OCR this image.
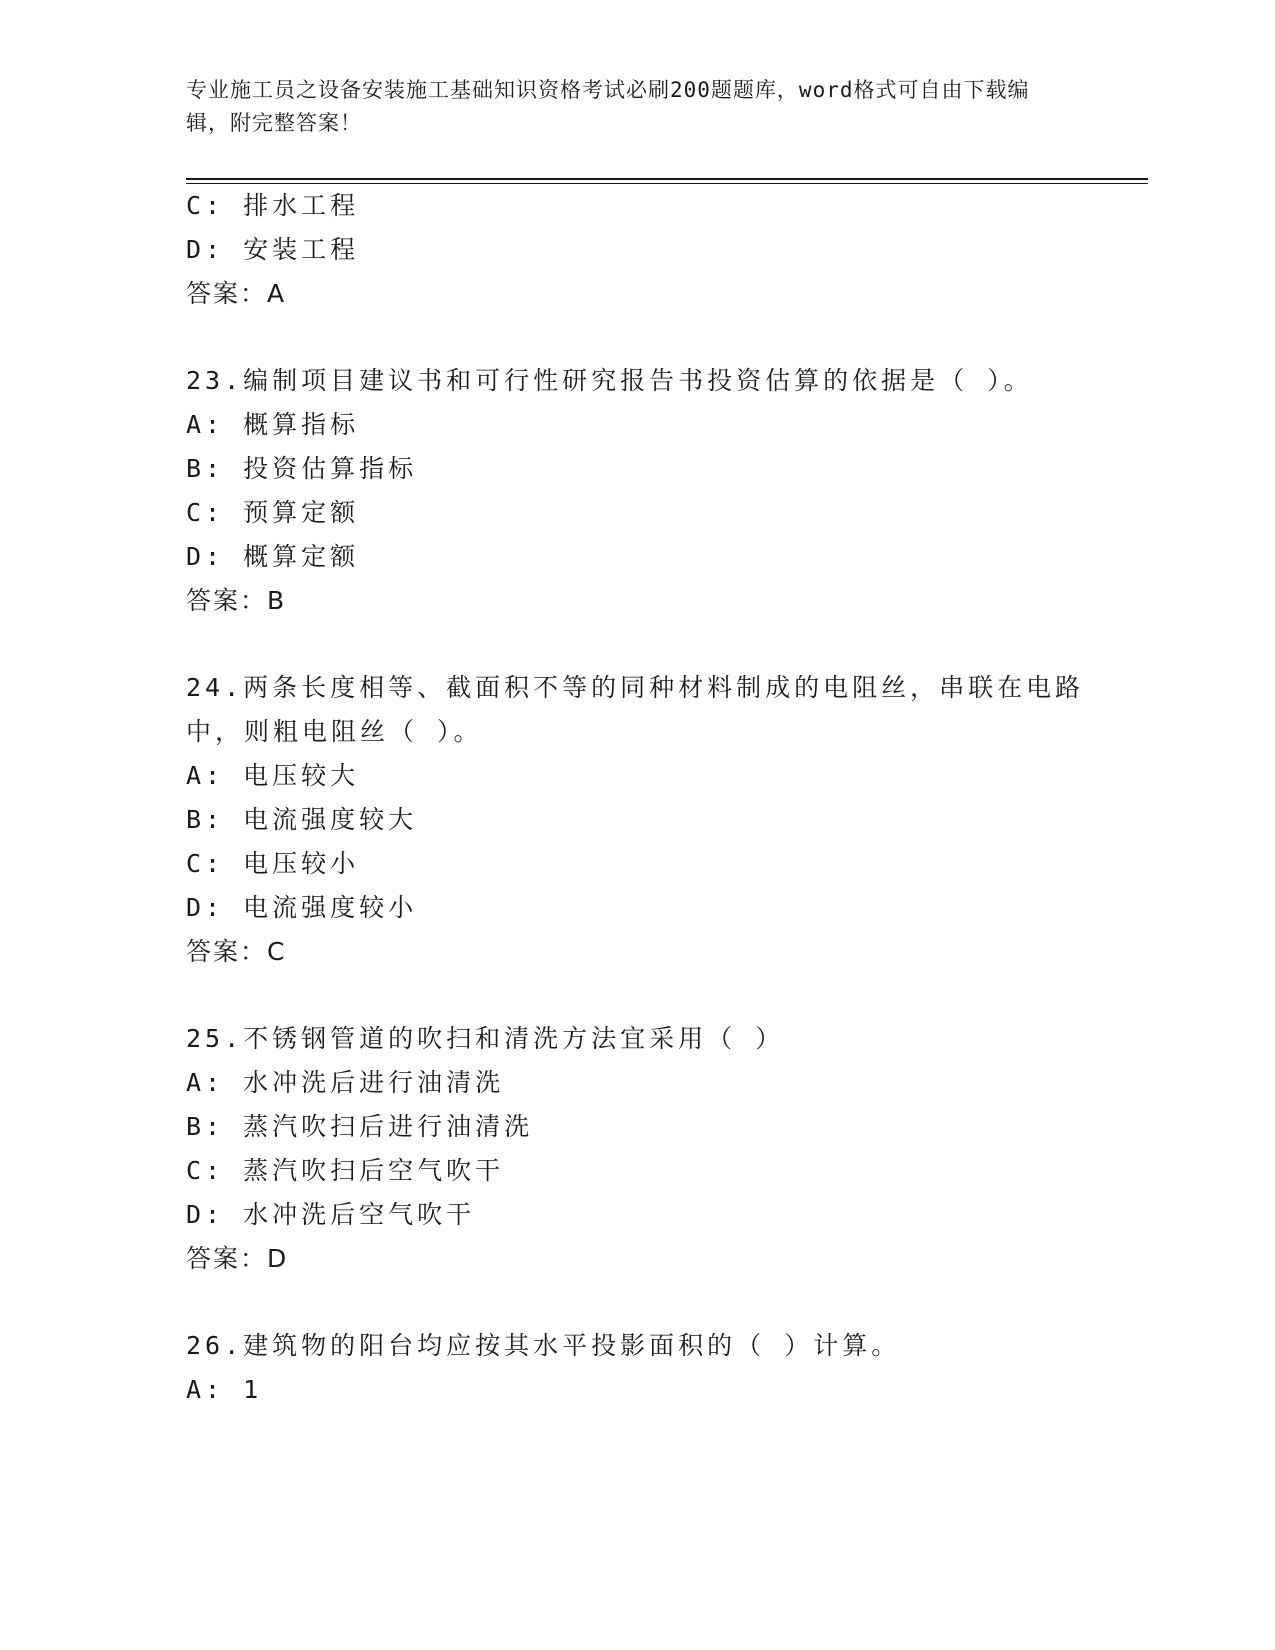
专业施工员之设备安装施工基础知识资格考试必刷200题题库，word格式可自由下载编辑，附完整答案！
C: 排水工程
D: 安装工程
答案：A
23.编制项目建议书和可行性研究报告书投资估算的依据是（ ）。
A: 概算指标
B: 投资估算指标
C: 预算定额
D: 概算定额
答案：B
24.两条长度相等、截面积不等的同种材料制成的电阻丝，串联在电路
中，则粗电阻丝（ ）。
A: 电压较大
B: 电流强度较大
C: 电压较小
D: 电流强度较小
答案：C
25.不锈钢管道的吹扫和清洗方法宜采用（ ）
A: 水冲洗后进行油清洗
B: 蒸汽吹扫后进行油清洗
C: 蒸汽吹扫后空气吹干
D: 水冲洗后空气吹干
答案：D
26.建筑物的阳台均应按其水平投影面积的（ ）计算。
A: 1
